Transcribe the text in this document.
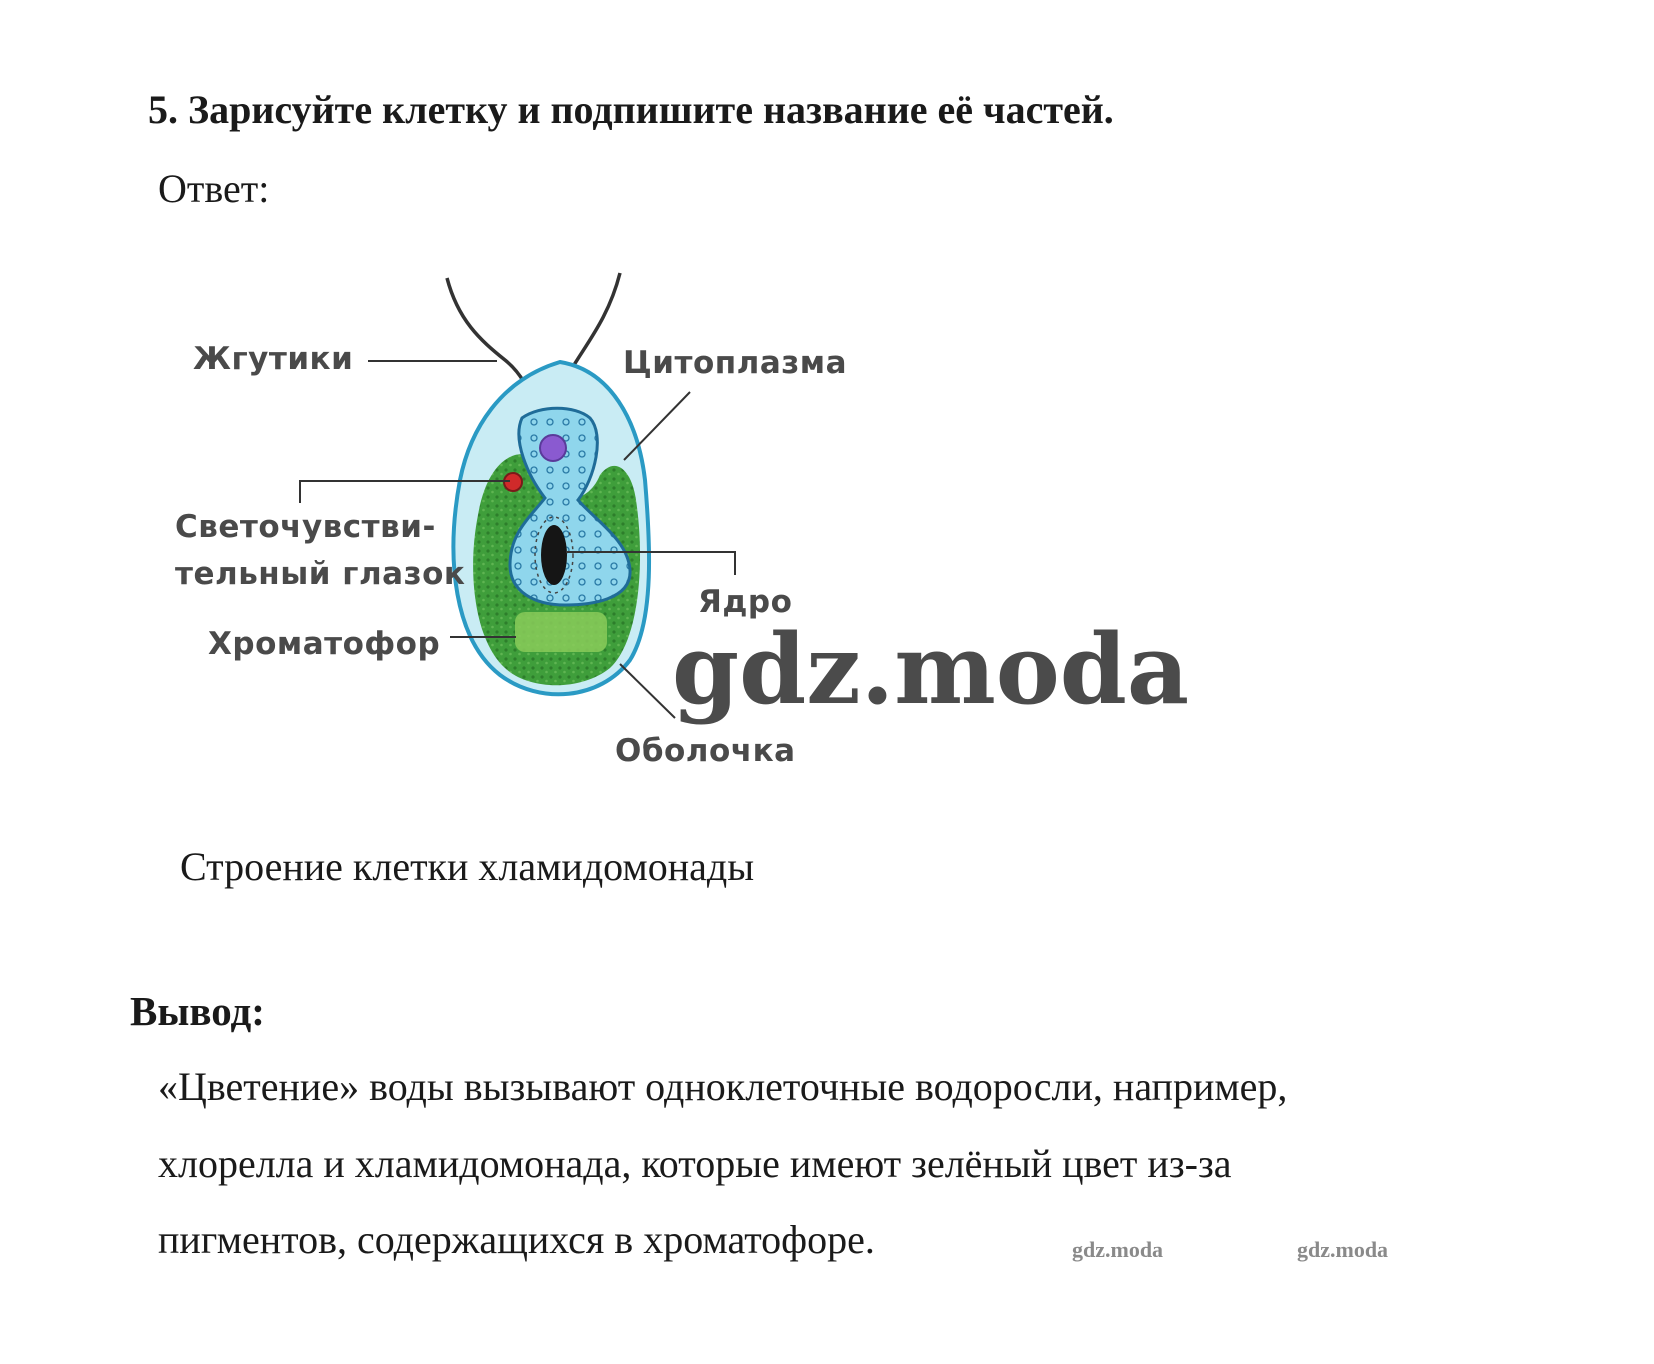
5. Зарисуйте клетку и подпишите название её частей.
Ответ:
Жгутики	Цитоплазма
Светочувстви-
тельный глазок
Ядро
Хроматофор
Оболочка
gdz.moda
Строение клетки хламидомонады
Вывод:
«Цветение» воды вызывают одноклеточные водоросли, например,
хлорелла и хламидомонада, которые имеют зелёный цвет из-за
пигментов, содержащихся в хроматофоре.	gdz.moda	gdz.moda
